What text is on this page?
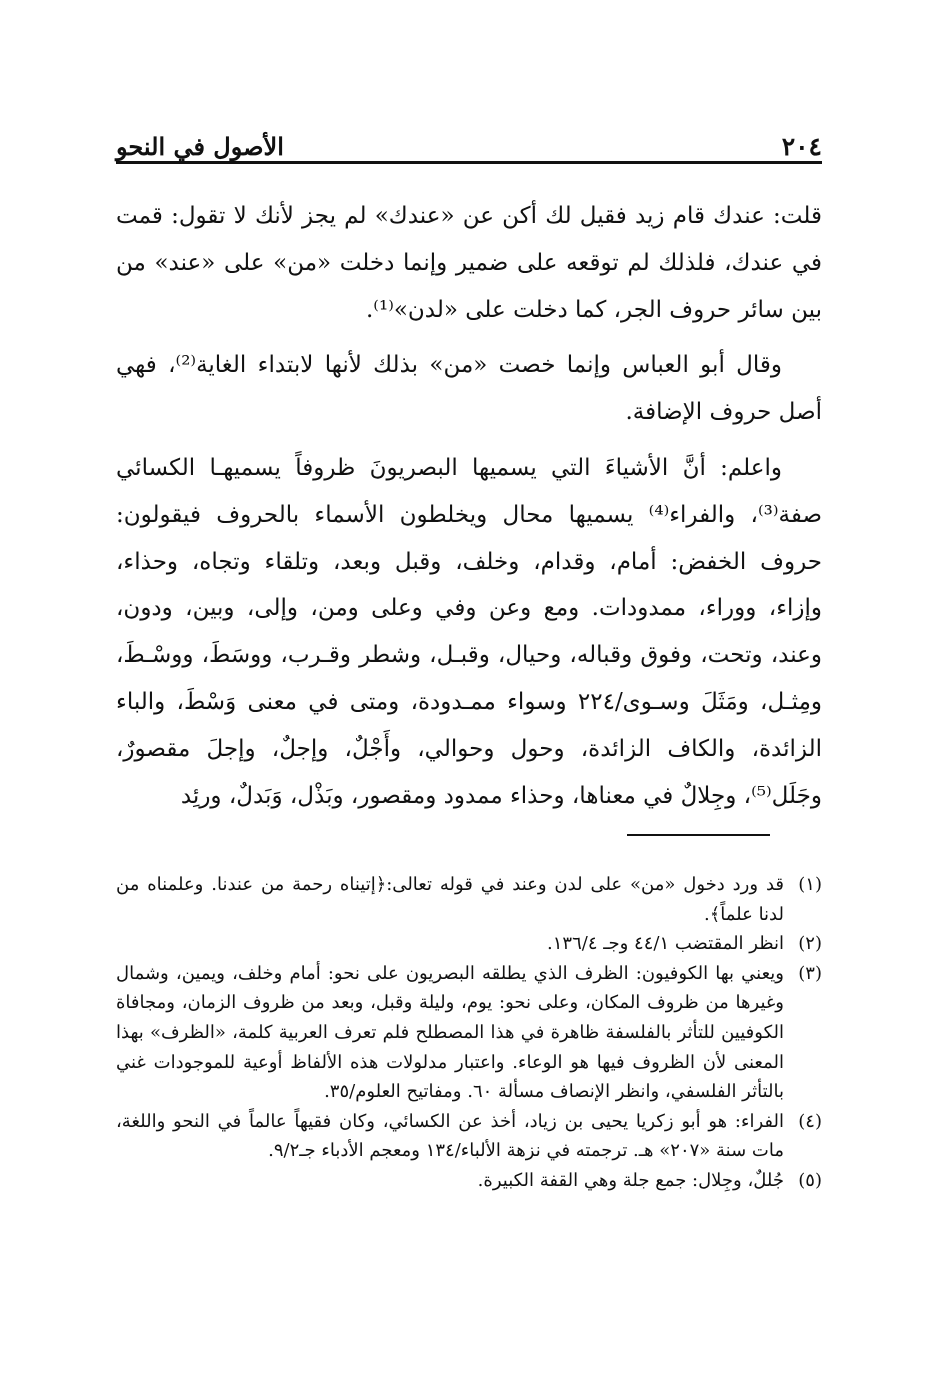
٢٠٤
الأصول في النحو

قلت: عندك قام زيد فقيل لك أكن عن «عندك» لم يجز لأنك لا تقول: قمت في عندك، فلذلك لم توقعه على ضمير وإنما دخلت «من» على «عند» من بين سائر حروف الجر، كما دخلت على «لدن»⁽¹⁾.

وقال أبو العباس وإنما خصت «من» بذلك لأنها لابتداء الغاية⁽²⁾، فهي أصل حروف الإضافة.

واعلم: أنَّ الأشياءَ التي يسميها البصريونَ ظروفاً يسميهـا الكسائي صفة⁽³⁾، والفراء⁽⁴⁾ يسميها محال ويخلطون الأسماء بالحروف فيقولون: حروف الخفض: أمام، وقدام، وخلف، وقبل وبعد، وتلقاء وتجاه، وحذاء، وإزاء، ووراء، ممدودات. ومع وعن وفي وعلى ومن، وإلى، وبين، ودون، وعند، وتحت، وفوق وقباله، وحيال، وقبـل، وشطر وقـرب، ووسَطَ، ووسْـطَ، ومِثـل، ومَثَلَ وسـوى/٢٢٤ وسواء ممـدودة، ومتى في معنى وَسْطَ، والباء الزائدة، والكاف الزائدة، وحول وحوالي، وأَجْلٌ، وإجلٌ، وإجلَ مقصورٌ، وجَلَل⁽⁵⁾، وجِلالٌ في معناها، وحذاء ممدود ومقصور، وبَذْل، وَبَدلٌ، ورئِد

(١)قد ورد دخول «من» على لدن وعند في قوله تعالى:﴿إتيناه رحمة من عندنا. وعلمناه من لدنا علماً﴾.

(٢)انظر المقتضب ٤٤/١ وجـ ١٣٦/٤.

(٣)ويعني بها الكوفيون: الظرف الذي يطلقه البصريون على نحو: أمام وخلف، ويمين، وشمال وغيرها من ظروف المكان، وعلى نحو: يوم، وليلة وقبل، وبعد من ظروف الزمان، ومجافاة الكوفيين للتأثر بالفلسفة ظاهرة في هذا المصطلح فلم تعرف العربية كلمة، «الظرف» بهذا المعنى لأن الظروف فيها هو الوعاء. واعتبار مدلولات هذه الألفاظ أوعية للموجودات غني بالتأثر الفلسفي، وانظر الإنصاف مسألة ٦٠. ومفاتيح العلوم/٣٥.

(٤)الفراء: هو أبو زكريا يحيى بن زياد، أخذ عن الكسائي، وكان فقيهاً عالماً في النحو واللغة، مات سنة «٢٠٧» هـ. ترجمته في نزهة الألباء/١٣٤ ومعجم الأدباء جـ٩/٢.

(٥)جُللٌ، وجِلال: جمع جلة وهي القفة الكبيرة.
